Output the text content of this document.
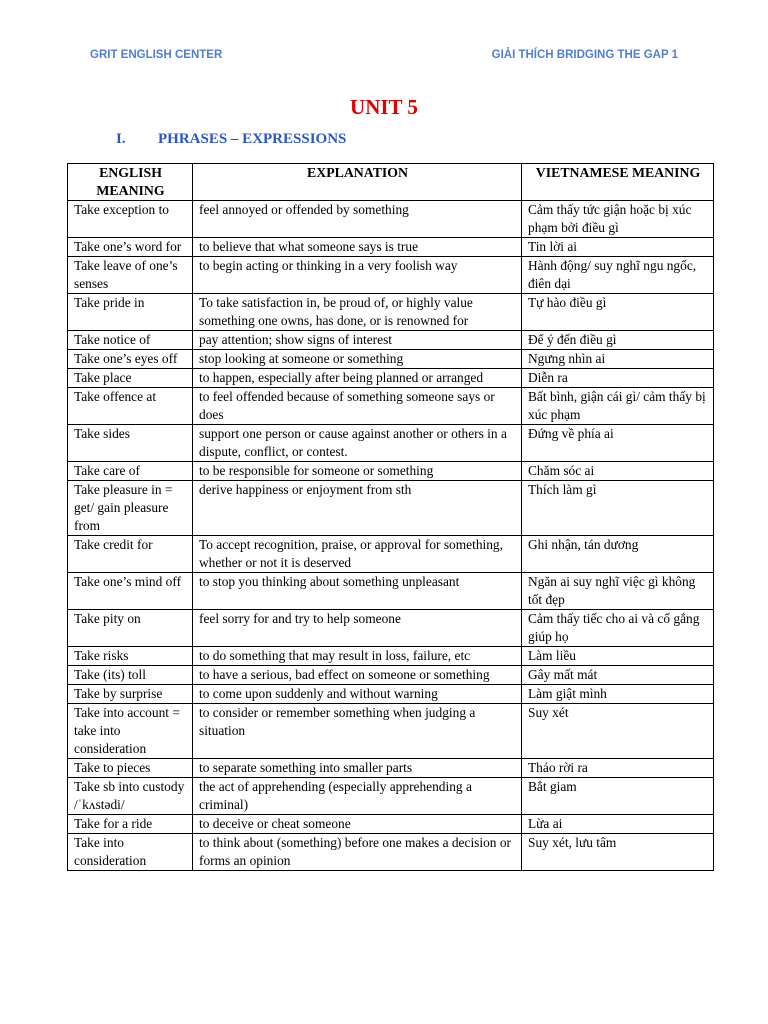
GRIT ENGLISH CENTER	GIẢI THÍCH BRIDGING THE GAP 1
UNIT 5
I. PHRASES – EXPRESSIONS
ENGLISH MEANING	EXPLANATION	VIETNAMESE MEANING
Take exception to	feel annoyed or offended by something	Cảm thấy tức giận hoặc bị xúc phạm bởi điều gì
Take one’s word for	to believe that what someone says is true	Tin lời ai
Take leave of one’s senses	to begin acting or thinking in a very foolish way	Hành động/ suy nghĩ ngu ngốc, điên dại
Take pride in	To take satisfaction in, be proud of, or highly value something one owns, has done, or is renowned for	Tự hào điều gì
Take notice of	pay attention; show signs of interest	Để ý đến điều gì
Take one’s eyes off	stop looking at someone or something	Ngưng nhìn ai
Take place	to happen, especially after being planned or arranged	Diễn ra
Take offence at	to feel offended because of something someone says or does	Bất bình, giận cái gì/ cảm thấy bị xúc phạm
Take sides	support one person or cause against another or others in a dispute, conflict, or contest.	Đứng về phía ai
Take care of	to be responsible for someone or something	Chăm sóc ai
Take pleasure in = get/ gain pleasure from	derive happiness or enjoyment from sth	Thích làm gì
Take credit for	To accept recognition, praise, or approval for something, whether or not it is deserved	Ghi nhận, tán dương
Take one’s mind off	to stop you thinking about something unpleasant	Ngăn ai suy nghĩ việc gì không tốt đẹp
Take pity on	feel sorry for and try to help someone	Cảm thấy tiếc cho ai và cố gắng giúp họ
Take risks	to do something that may result in loss, failure, etc	Làm liều
Take (its) toll	to have a serious, bad effect on someone or something	Gây mất mát
Take by surprise	to come upon suddenly and without warning	Làm giật mình
Take into account = take into consideration	to consider or remember something when judging a situation	Suy xét
Take to pieces	to separate something into smaller parts	Tháo rời ra
Take sb into custody /ˈkʌstədi/	the act of apprehending (especially apprehending a criminal)	Bắt giam
Take for a ride	to deceive or cheat someone	Lừa ai
Take into consideration	to think about (something) before one makes a decision or forms an opinion	Suy xét, lưu tâm
